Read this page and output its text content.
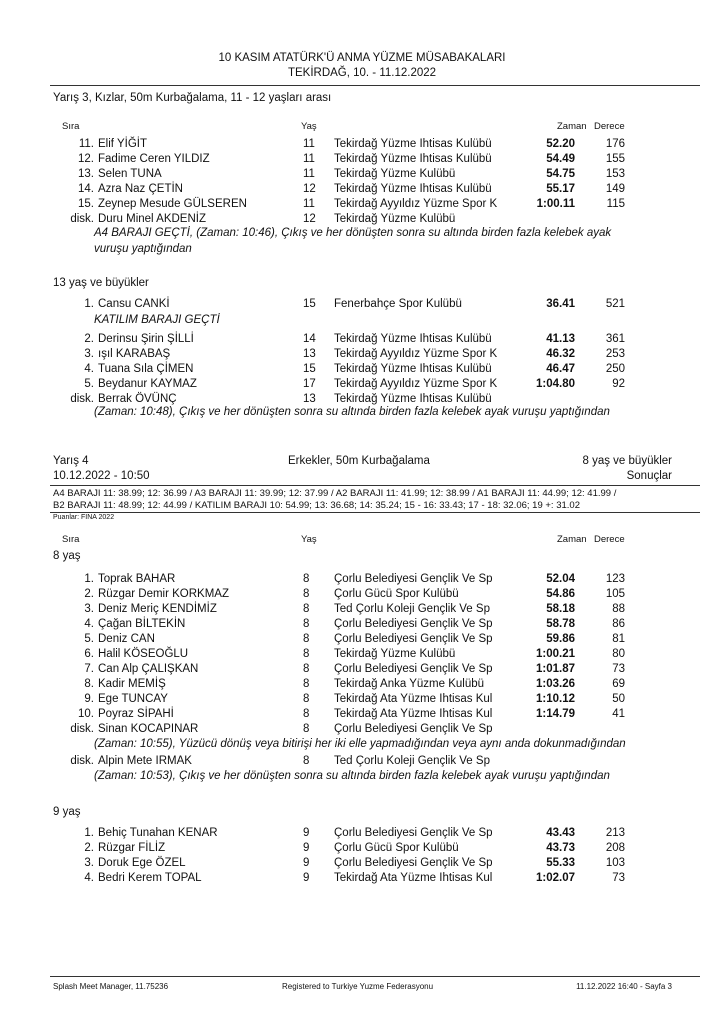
10 KASIM ATATÜRK'Ü ANMA YÜZME MÜSABAKALARI
TEKİRDAĞ, 10. - 11.12.2022
Yarış 3, Kızlar, 50m Kurbağalama, 11 - 12 yaşları arası
Sıra	Yaş	Zaman Derece
11. Elif YİĞİT	11 Tekirdağ Yüzme Ihtisas Kulübü	52.20	176
12. Fadime Ceren YILDIZ	11 Tekirdağ Yüzme Ihtisas Kulübü	54.49	155
13. Selen TUNA	11 Tekirdağ Yüzme Kulübü	54.75	153
14. Azra Naz ÇETİN	12 Tekirdağ Yüzme Ihtisas Kulübü	55.17	149
15. Zeynep Mesude GÜLSEREN	11 Tekirdağ Ayyıldız Yüzme Spor K	1:00.11	115
disk. Duru Minel AKDENİZ	12 Tekirdağ Yüzme Kulübü
A4 BARAJI GEÇTİ, (Zaman: 10:46), Çıkış ve her dönüşten sonra su altında birden fazla kelebek ayak
vuruşu yaptığından
13 yaş ve büyükler
1. Cansu CANKİ	15 Fenerbahçe Spor Kulübü	36.41	521
2. Derinsu Şirin ŞİLLİ	14 Tekirdağ Yüzme Ihtisas Kulübü	41.13	361
3. ışıl KARABAŞ	13 Tekirdağ Ayyıldız Yüzme Spor K	46.32	253
4. Tuana Sıla ÇİMEN	15 Tekirdağ Yüzme Ihtisas Kulübü	46.47	250
5. Beydanur KAYMAZ	17 Tekirdağ Ayyıldız Yüzme Spor K	1:04.80	92
disk. Berrak ÖVÜNÇ	13 Tekirdağ Yüzme Ihtisas Kulübü
KATILIM BARAJI GEÇTİ
(Zaman: 10:48), Çıkış ve her dönüşten sonra su altında birden fazla kelebek ayak vuruşu yaptığından
Yarış 4
10.12.2022 - 10:50
Erkekler, 50m Kurbağalama	8 yaş ve büyükler
Sonuçlar
A4 BARAJI 11: 38.99; 12: 36.99 / A3 BARAJI 11: 39.99; 12: 37.99 / A2 BARAJI 11: 41.99; 12: 38.99 / A1 BARAJI 11: 44.99; 12: 41.99 /
B2 BARAJI 11: 48.99; 12: 44.99 / KATILIM BARAJI 10: 54.99; 13: 36.68; 14: 35.24; 15 - 16: 33.43; 17 - 18: 32.06; 19 +: 31.02
Puanlar: FINA 2022
Sıra	Yaş	Zaman Derece
8 yaş
1. Toprak BAHAR	8 Çorlu Belediyesi Gençlik Ve Sp	52.04	123
2. Rüzgar Demir KORKMAZ	8 Çorlu Gücü Spor Kulübü	54.86	105
3. Deniz Meriç KENDİMİZ	8 Ted Çorlu Koleji Gençlik Ve Sp	58.18	88
4. Çağan BİLTEKİN	8 Çorlu Belediyesi Gençlik Ve Sp	58.78	86
5. Deniz CAN	8 Çorlu Belediyesi Gençlik Ve Sp	59.86	81
6. Halil KÖSEOĞLU	8 Tekirdağ Yüzme Kulübü	1:00.21	80
7. Can Alp ÇALIŞKAN	8 Çorlu Belediyesi Gençlik Ve Sp	1:01.87	73
8. Kadir MEMİŞ	8 Tekirdağ Anka Yüzme Kulübü	1:03.26	69
9. Ege TUNCAY	8 Tekirdağ Ata Yüzme Ihtisas Kul	1:10.12	50
10. Poyraz SİPAHİ	8 Tekirdağ Ata Yüzme Ihtisas Kul	1:14.79	41
disk. Sinan KOCAPINAR	8 Çorlu Belediyesi Gençlik Ve Sp
(Zaman: 10:55), Yüzücü dönüş veya bitirişi her iki elle yapmadığından veya aynı anda dokunmadığından
disk. Alpin Mete IRMAK	8 Ted Çorlu Koleji Gençlik Ve Sp
(Zaman: 10:53), Çıkış ve her dönüşten sonra su altında birden fazla kelebek ayak vuruşu yaptığından
9 yaş
1. Behiç Tunahan KENAR	9 Çorlu Belediyesi Gençlik Ve Sp	43.43	213
2. Rüzgar FİLİZ	9 Çorlu Gücü Spor Kulübü	43.73	208
3. Doruk Ege ÖZEL	9 Çorlu Belediyesi Gençlik Ve Sp	55.33	103
4. Bedri Kerem TOPAL	9 Tekirdağ Ata Yüzme Ihtisas Kul	1:02.07	73
Splash Meet Manager, 11.75236	Registered to Turkiye Yuzme Federasyonu	11.12.2022 16:40 - Sayfa 3
